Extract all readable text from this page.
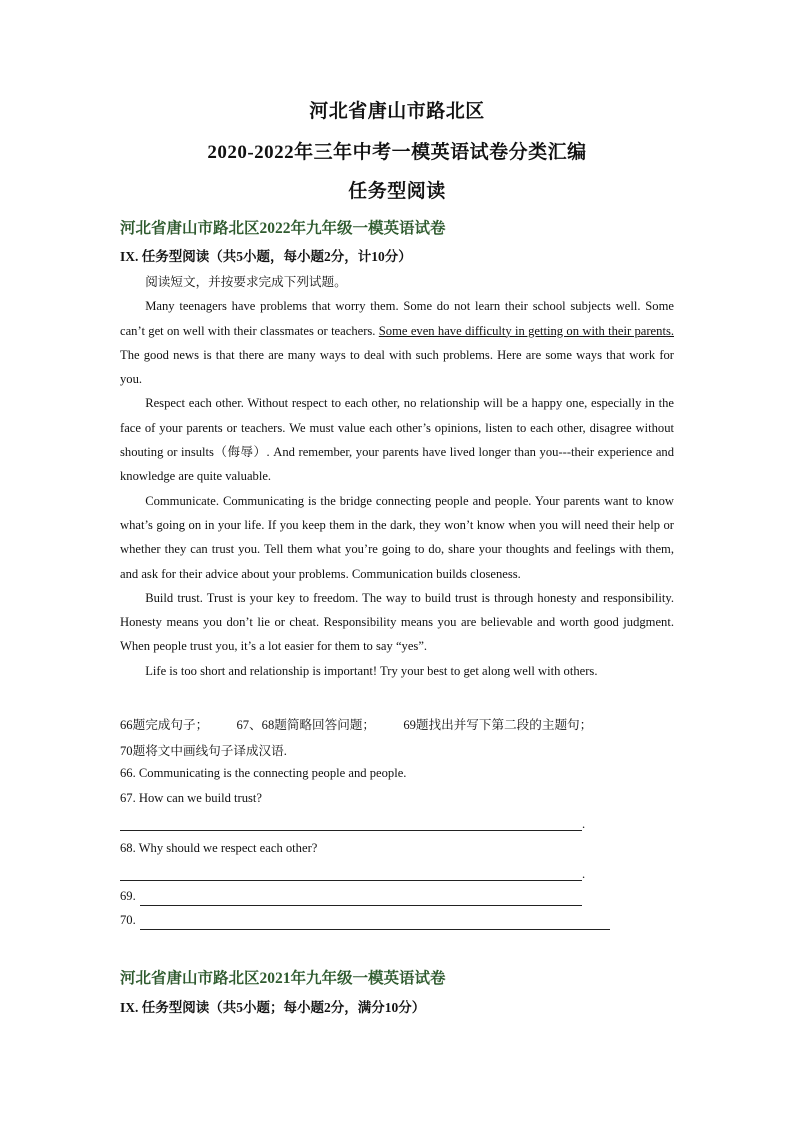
河北省唐山市路北区
2020-2022年三年中考一模英语试卷分类汇编
任务型阅读
河北省唐山市路北区2022年九年级一模英语试卷
IX. 任务型阅读（共5小题，每小题2分，计10分）

阅读短文，并按要求完成下列试题。

Many teenagers have problems that worry them. Some do not learn their school subjects well. Some can’t get on well with their classmates or teachers. Some even have difficulty in getting on with their parents. The good news is that there are many ways to deal with such problems. Here are some ways that work for you.

Respect each other. Without respect to each other, no relationship will be a happy one, especially in the face of your parents or teachers. We must value each other’s opinions, listen to each other, disagree without shouting or insults（侮辱）. And remember, your parents have lived longer than you---their experience and knowledge are quite valuable.

Communicate. Communicating is the bridge connecting people and people. Your parents want to know what’s going on in your life. If you keep them in the dark, they won’t know when you will need their help or whether they can trust you. Tell them what you’re going to do, share your thoughts and feelings with them, and ask for their advice about your problems. Communication builds closeness.

Build trust. Trust is your key to freedom. The way to build trust is through honesty and responsibility. Honesty means you don’t lie or cheat. Responsibility means you are believable and worth good judgment. When people trust you, it’s a lot easier for them to say “yes”.

Life is too short and relationship is important! Try your best to get along well with others.

66题完成句子； 67、68题简略回答问题； 69题找出并写下第二段的主题句；
70题将文中画线句子译成汉语.
66. Communicating is the connecting people and people.
67. How can we build trust?
.
68. Why should we respect each other?
.
69.
70.
河北省唐山市路北区2021年九年级一模英语试卷
IX. 任务型阅读（共5小题；每小题2分，满分10分）
